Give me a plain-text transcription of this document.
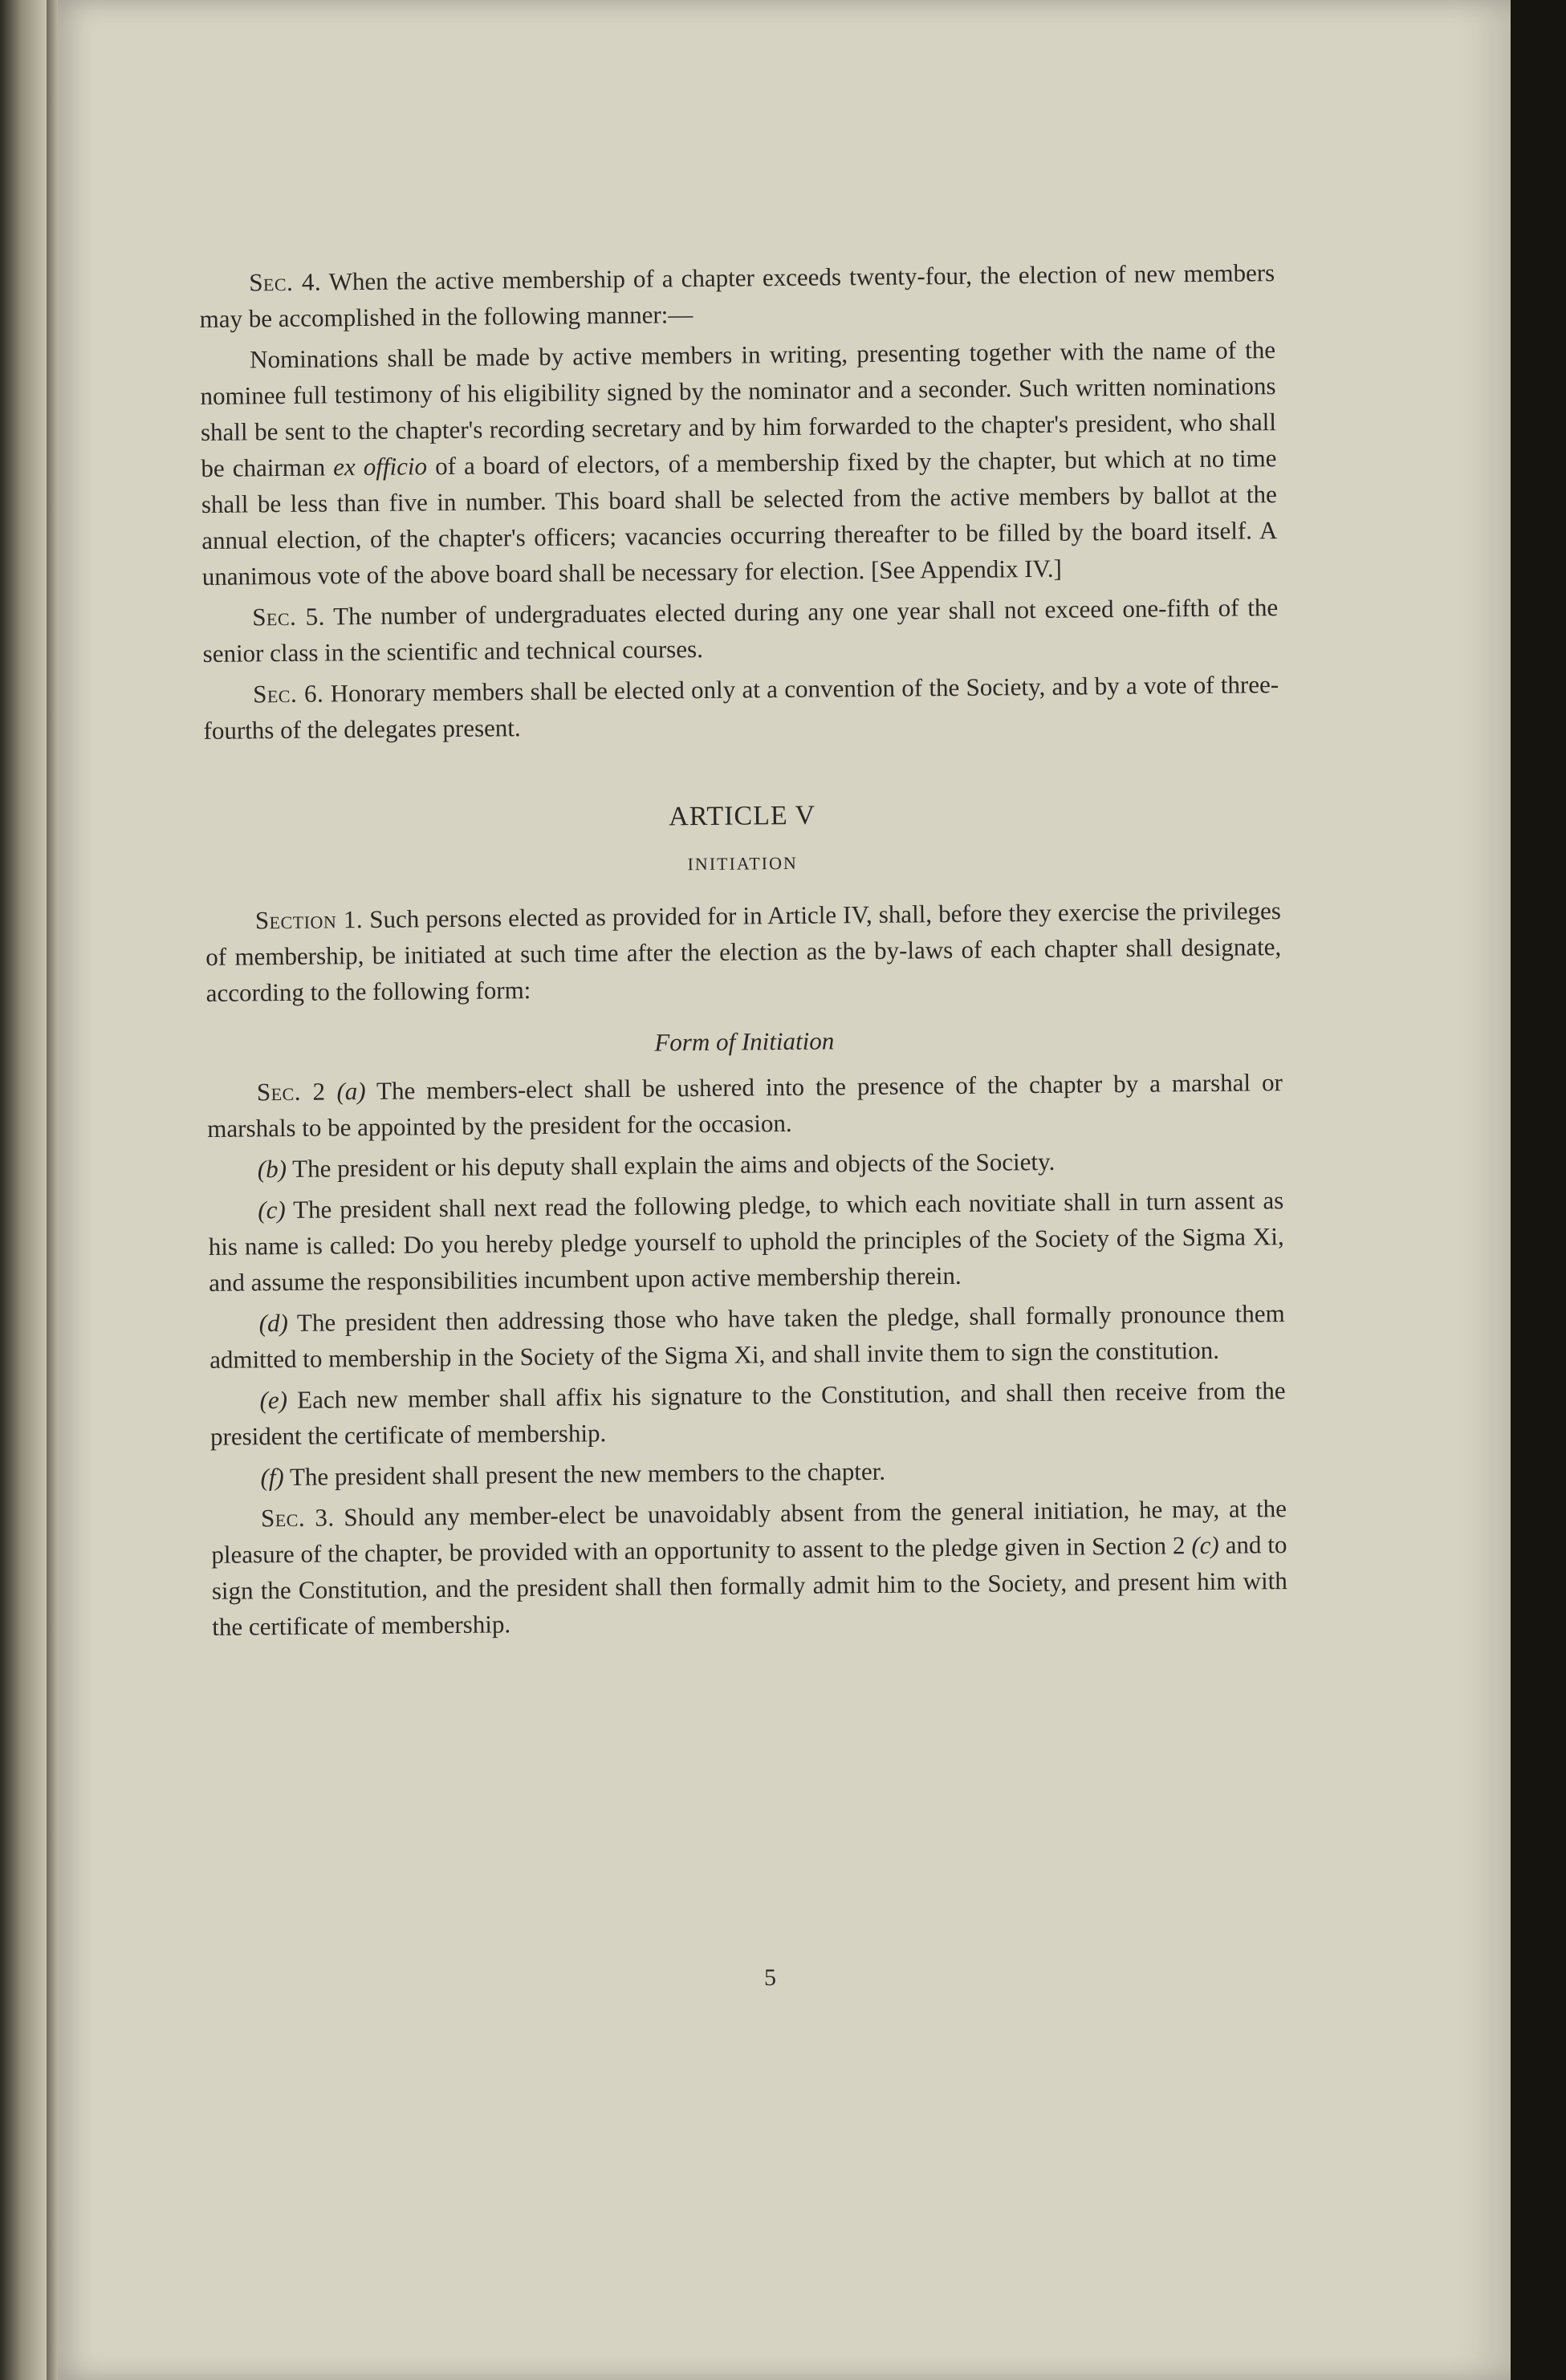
Sec. 4. When the active membership of a chapter exceeds twenty-four, the election of new members may be accomplished in the following manner:—

Nominations shall be made by active members in writing, presenting together with the name of the nominee full testimony of his eligibility signed by the nominator and a seconder. Such written nominations shall be sent to the chapter's recording secretary and by him forwarded to the chapter's president, who shall be chairman ex officio of a board of electors, of a membership fixed by the chapter, but which at no time shall be less than five in number. This board shall be selected from the active members by ballot at the annual election, of the chapter's officers; vacancies occurring thereafter to be filled by the board itself. A unanimous vote of the above board shall be necessary for election. [See Appendix IV.]

Sec. 5. The number of undergraduates elected during any one year shall not exceed one-fifth of the senior class in the scientific and technical courses.

Sec. 6. Honorary members shall be elected only at a convention of the Society, and by a vote of three-fourths of the delegates present.

ARTICLE V

INITIATION

Section 1. Such persons elected as provided for in Article IV, shall, before they exercise the privileges of membership, be initiated at such time after the election as the by-laws of each chapter shall designate, according to the following form:

Form of Initiation

Sec. 2 (a) The members-elect shall be ushered into the presence of the chapter by a marshal or marshals to be appointed by the president for the occasion.

(b) The president or his deputy shall explain the aims and objects of the Society.

(c) The president shall next read the following pledge, to which each novitiate shall in turn assent as his name is called: Do you hereby pledge yourself to uphold the principles of the Society of the Sigma Xi, and assume the responsibilities incumbent upon active membership therein.

(d) The president then addressing those who have taken the pledge, shall formally pronounce them admitted to membership in the Society of the Sigma Xi, and shall invite them to sign the constitution.

(e) Each new member shall affix his signature to the Constitution, and shall then receive from the president the certificate of membership.

(f) The president shall present the new members to the chapter.

Sec. 3. Should any member-elect be unavoidably absent from the general initiation, he may, at the pleasure of the chapter, be provided with an opportunity to assent to the pledge given in Section 2 (c) and to sign the Constitution, and the president shall then formally admit him to the Society, and present him with the certificate of membership.

5
